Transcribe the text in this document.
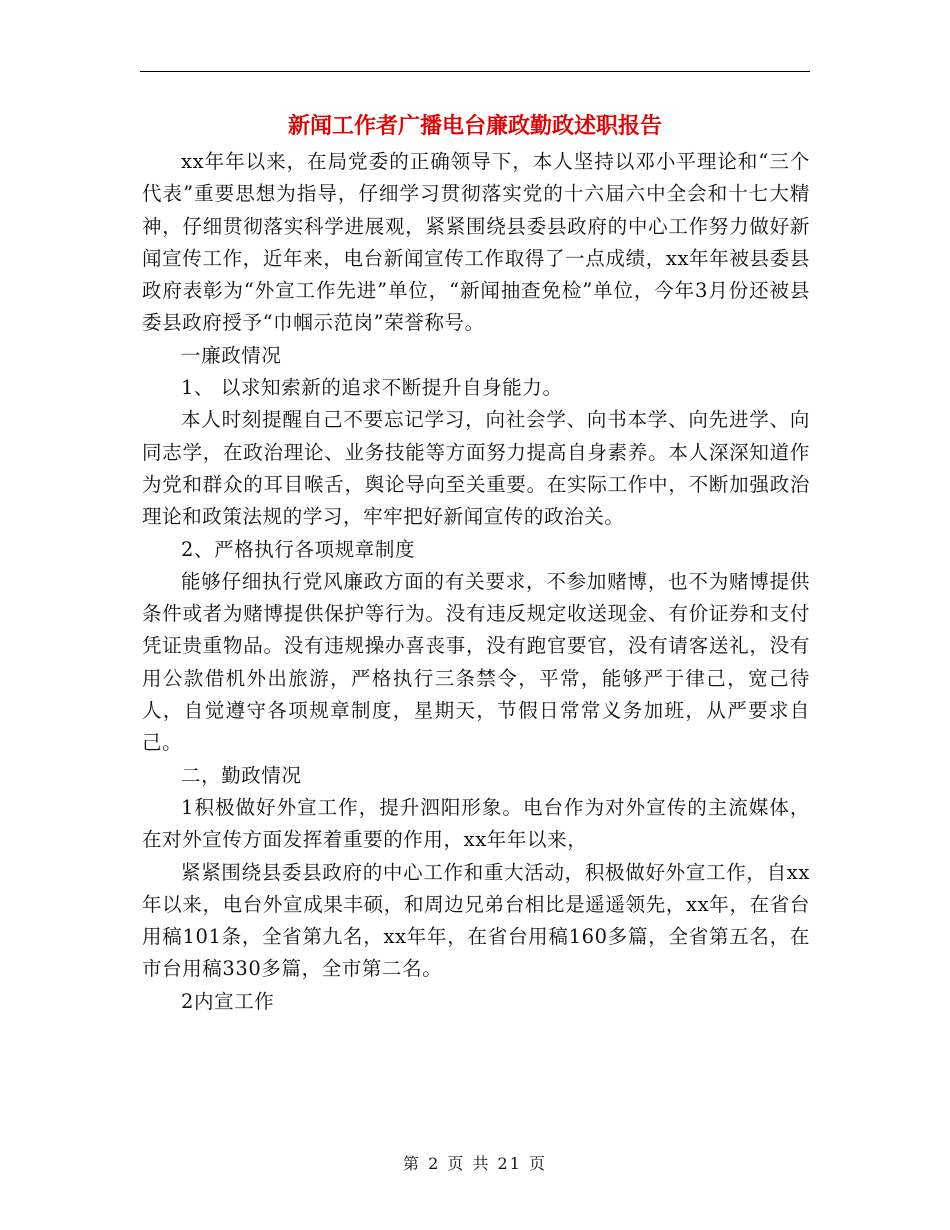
新闻工作者广播电台廉政勤政述职报告

xx年年以来，在局党委的正确领导下，本人坚持以邓小平理论和“三个代表”重要思想为指导，仔细学习贯彻落实党的十六届六中全会和十七大精神，仔细贯彻落实科学进展观，紧紧围绕县委县政府的中心工作努力做好新闻宣传工作，近年来，电台新闻宣传工作取得了一点成绩，xx年年被县委县政府表彰为“外宣工作先进”单位，“新闻抽查免检”单位，今年3月份还被县委县政府授予“巾帼示范岗”荣誉称号。

一廉政情况

1、 以求知索新的追求不断提升自身能力。

本人时刻提醒自己不要忘记学习，向社会学、向书本学、向先进学、向同志学，在政治理论、业务技能等方面努力提高自身素养。本人深深知道作为党和群众的耳目喉舌，舆论导向至关重要。在实际工作中，不断加强政治理论和政策法规的学习，牢牢把好新闻宣传的政治关。

2、严格执行各项规章制度

能够仔细执行党风廉政方面的有关要求，不参加赌博，也不为赌博提供条件或者为赌博提供保护等行为。没有违反规定收送现金、有价证券和支付凭证贵重物品。没有违规操办喜丧事，没有跑官要官，没有请客送礼，没有用公款借机外出旅游，严格执行三条禁令，平常，能够严于律己，宽己待人，自觉遵守各项规章制度，星期天，节假日常常义务加班，从严要求自己。

二，勤政情况

1积极做好外宣工作，提升泗阳形象。电台作为对外宣传的主流媒体，在对外宣传方面发挥着重要的作用，xx年年以来，

紧紧围绕县委县政府的中心工作和重大活动，积极做好外宣工作，自xx年以来，电台外宣成果丰硕，和周边兄弟台相比是遥遥领先，xx年，在省台用稿101条，全省第九名，xx年年，在省台用稿160多篇，全省第五名，在市台用稿330多篇，全市第二名。

2内宣工作

第 2 页 共 21 页
